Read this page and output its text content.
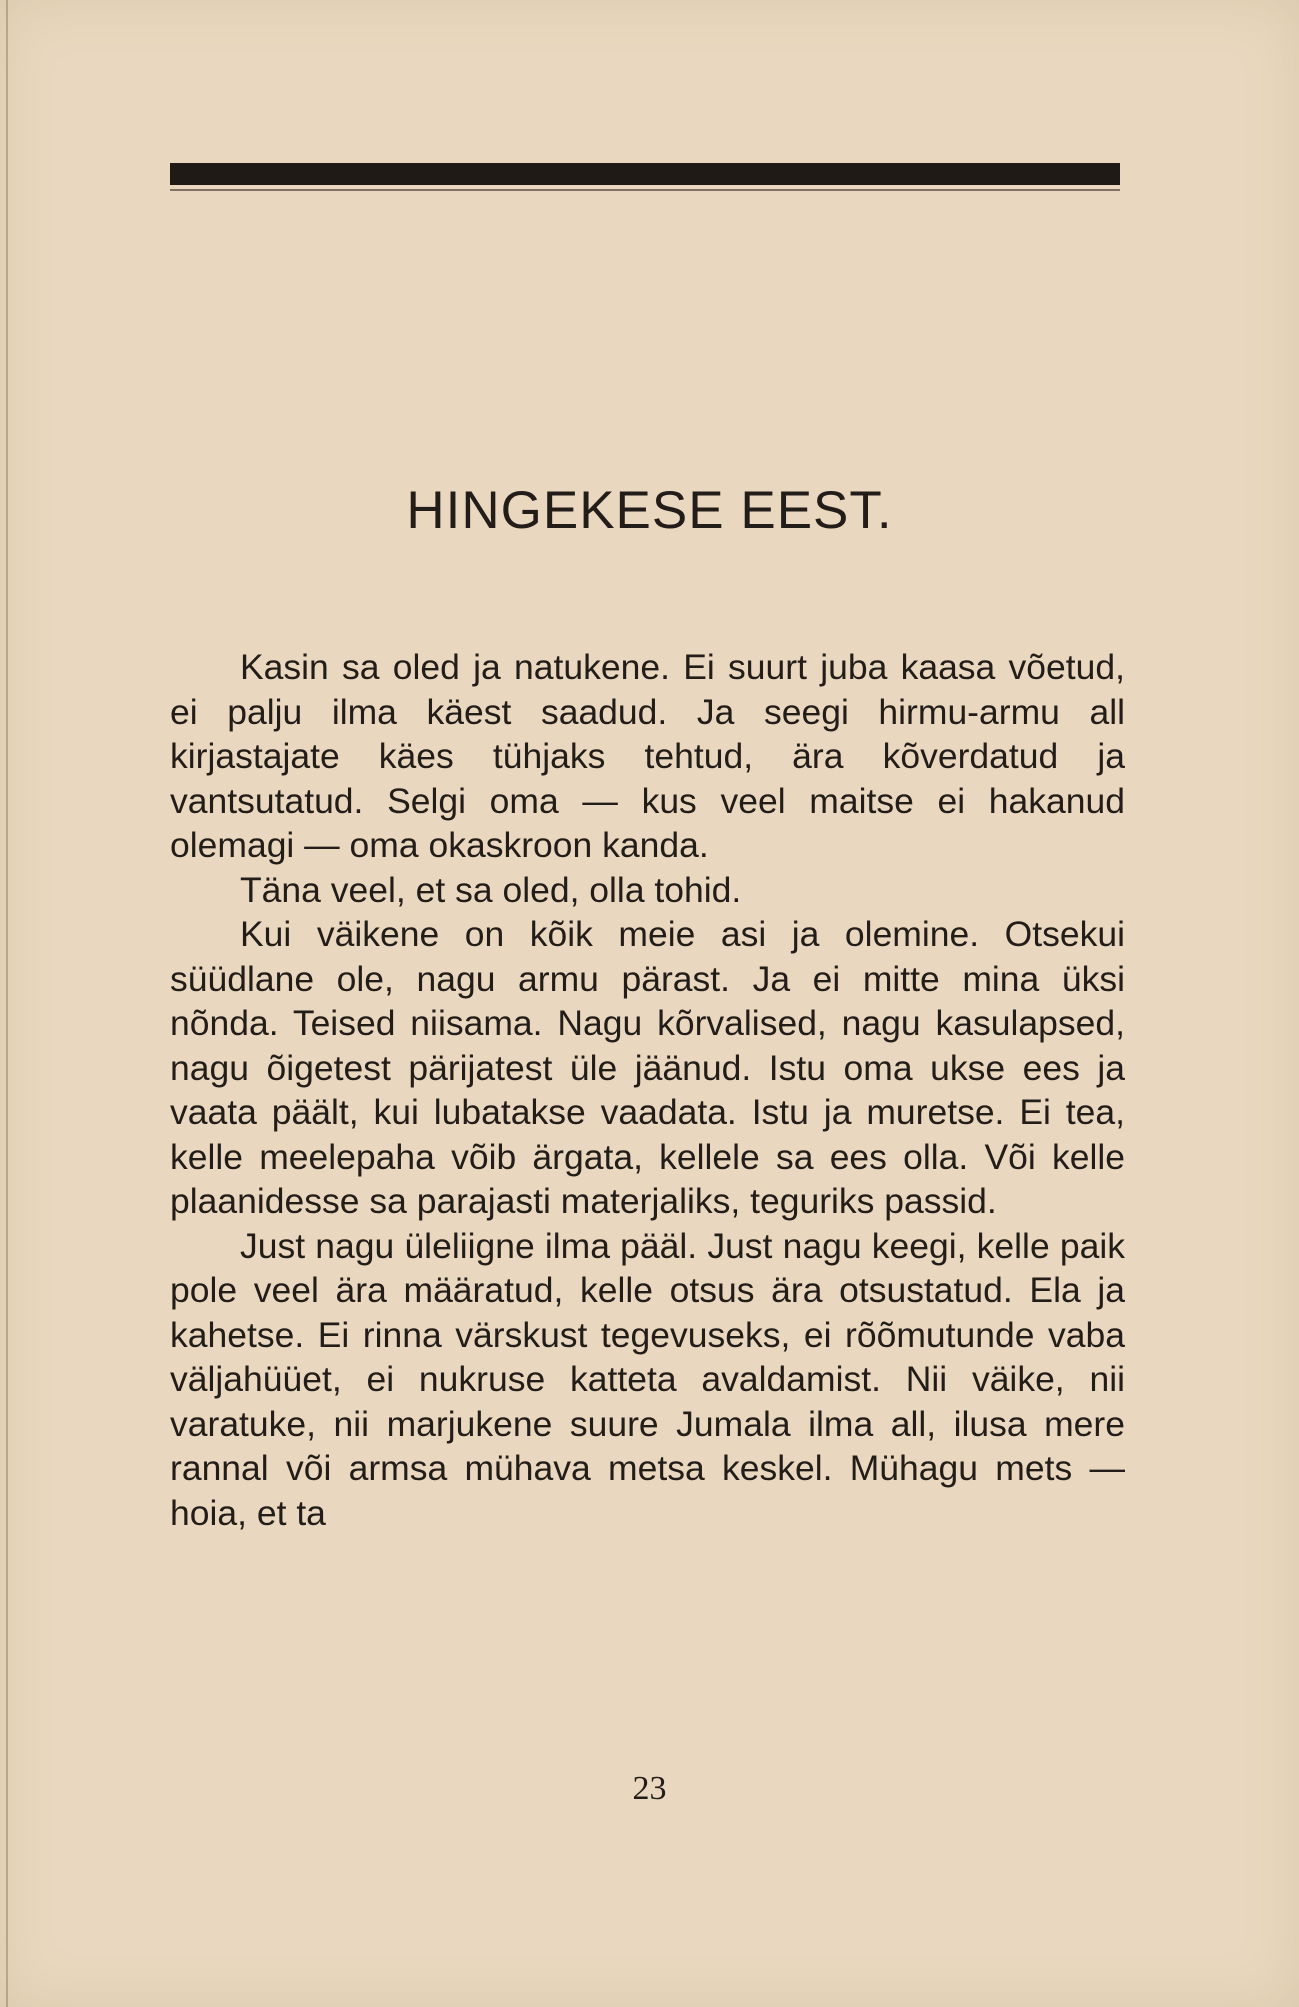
HINGEKESE EEST.

Kasin sa oled ja natukene. Ei suurt juba kaasa võetud, ei palju ilma käest saadud. Ja seegi hirmu-armu all kirjastajate käes tühjaks tehtud, ära kõverdatud ja vantsutatud. Selgi oma — kus veel maitse ei hakanud olemagi — oma okaskroon kanda.

Täna veel, et sa oled, olla tohid.

Kui väikene on kõik meie asi ja olemine. Otsekui süüdlane ole, nagu armu pärast. Ja ei mitte mina üksi nõnda. Teised niisama. Nagu kõrvalised, nagu kasulapsed, nagu õigetest pärijatest üle jäänud. Istu oma ukse ees ja vaata päält, kui lubatakse vaadata. Istu ja muretse. Ei tea, kelle meelepaha võib ärgata, kellele sa ees olla. Või kelle plaanidesse sa parajasti materjaliks, teguriks passid.

Just nagu üleliigne ilma pääl. Just nagu keegi, kelle paik pole veel ära määratud, kelle otsus ära otsustatud. Ela ja kahetse. Ei rinna värskust tegevuseks, ei rõõmutunde vaba väljahüüet, ei nukruse katteta avaldamist. Nii väike, nii varatuke, nii marjukene suure Jumala ilma all, ilusa mere rannal või armsa mühava metsa keskel. Mühagu mets — hoia, et ta

23
